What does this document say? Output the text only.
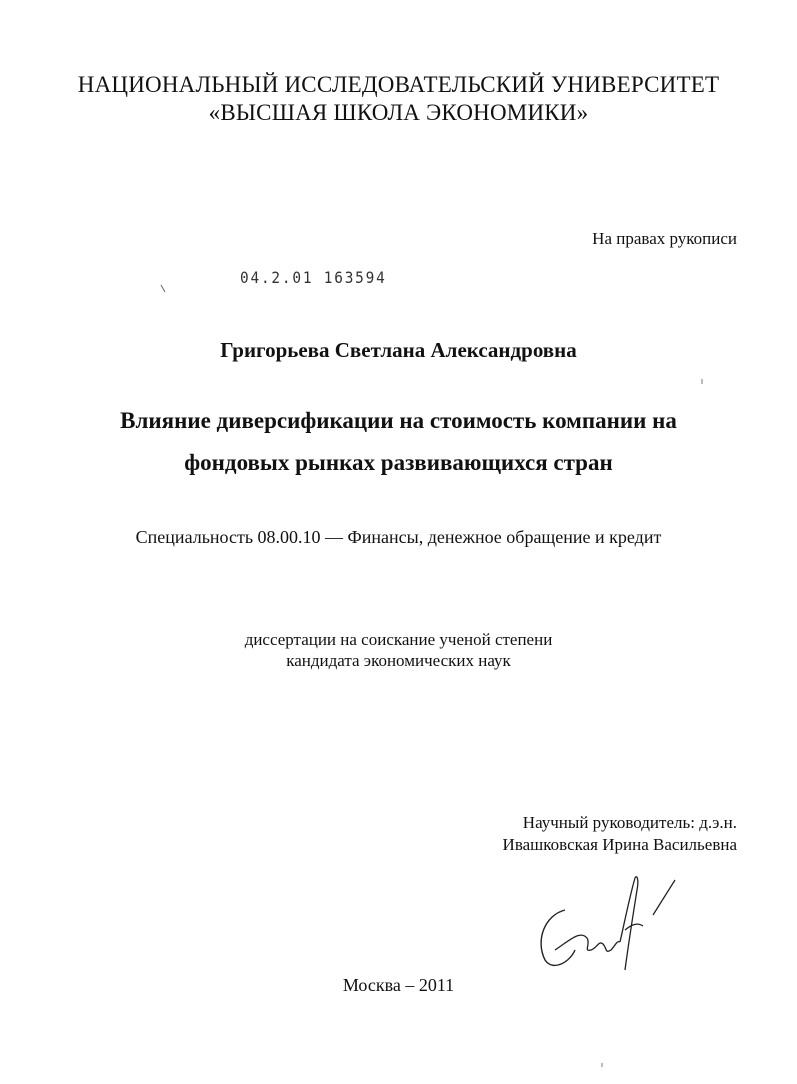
НАЦИОНАЛЬНЫЙ ИССЛЕДОВАТЕЛЬСКИЙ УНИВЕРСИТЕТ
«ВЫСШАЯ ШКОЛА ЭКОНОМИКИ»
На правах рукописи
04.2.01 163594
Григорьева Светлана Александровна
Влияние диверсификации на стоимость компании на
фондовых рынках развивающихся стран
Специальность 08.00.10 — Финансы, денежное обращение и кредит
диссертации на соискание ученой степени
кандидата экономических наук
Научный руководитель: д.э.н.
Ивашковская Ирина Васильевна
Москва – 2011
